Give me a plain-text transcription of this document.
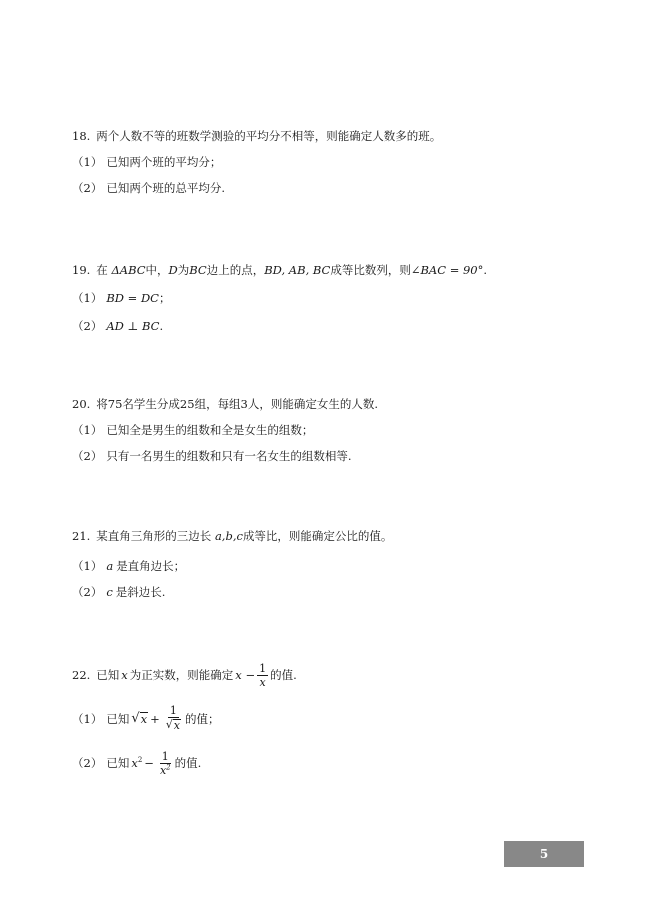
18. 两个人数不等的班数学测验的平均分不相等，则能确定人数多的班。
（1） 已知两个班的平均分；
（2） 已知两个班的总平均分.
19. 在 ΔABC中，D为BC边上的点，BD, AB, BC成等比数列，则∠BAC = 90°.
（1） BD = DC ；
（2） AD ⊥ BC .
20. 将75名学生分成25组，每组3人，则能确定女生的人数.
（1） 已知全是男生的组数和全是女生的组数；
（2） 只有一名男生的组数和只有一名女生的组数相等.
21. 某直角三角形的三边长 a,b,c成等比，则能确定公比的值。
（1） a 是直角边长；
（2） c 是斜边长.
22. 已知 x 为正实数，则能确定 $x - \frac{1}{x}$ 的值.
（1） 已知 √ $x + \frac{1}{√ x}$ 的值；
（2） 已知 $x^2 - \frac{1}{x^2}$ 的值.
5
